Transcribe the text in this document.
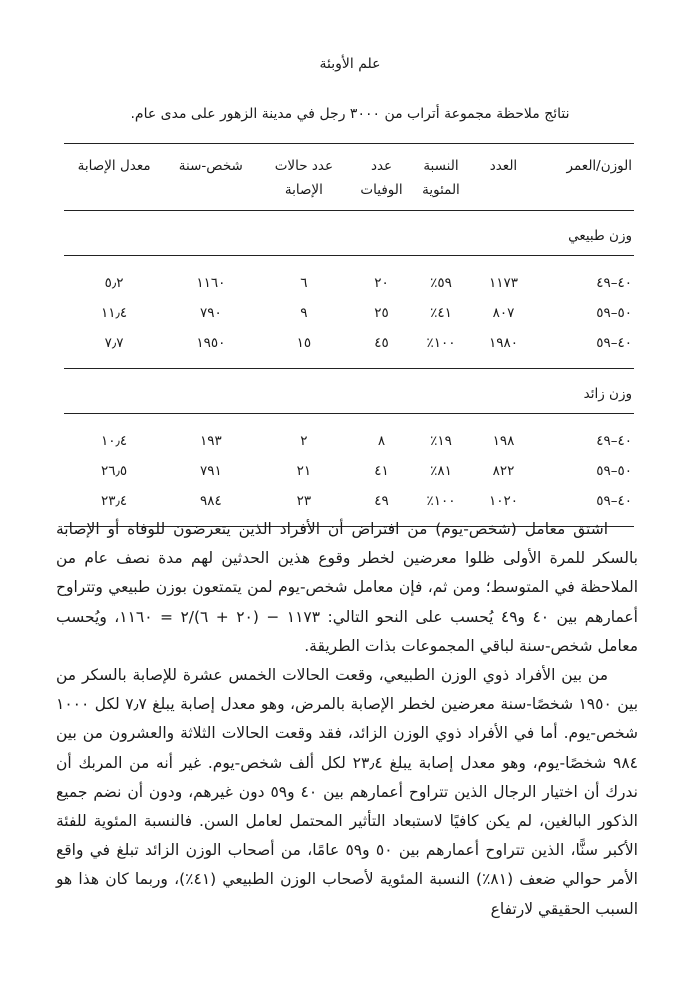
علم الأوبئة
نتائج ملاحظة مجموعة أتراب من ٣٠٠٠ رجل في مدينة الزهور على مدى عام.
الوزن/العمر	العدد	النسبة المئوية	عدد الوفيات	عدد حالات الإصابة	شخص-سنة	معدل الإصابة
وزن طبيعي						

٤٠–٤٩	١١٧٣	٥٩٪	٢٠	٦	١١٦٠	٥٫٢
٥٠–٥٩	٨٠٧	٤١٪	٢٥	٩	٧٩٠	١١٫٤
٤٠–٥٩	١٩٨٠	١٠٠٪	٤٥	١٥	١٩٥٠	٧٫٧

وزن زائد						

٤٠–٤٩	١٩٨	١٩٪	٨	٢	١٩٣	١٠٫٤
٥٠–٥٩	٨٢٢	٨١٪	٤١	٢١	٧٩١	٢٦٫٥
٤٠–٥٩	١٠٢٠	١٠٠٪	٤٩	٢٣	٩٨٤	٢٣٫٤

اشتق معامل (شخص-يوم) من افتراض أن الأفراد الذين يتعرضون للوفاة أو الإصابة بالسكر للمرة الأولى ظلوا معرضين لخطر وقوع هذين الحدثين لهم مدة نصف عام من الملاحظة في المتوسط؛ ومن ثم، فإن معامل شخص-يوم لمن يتمتعون بوزن طبيعي وتتراوح أعمارهم بين ٤٠ و٤٩ يُحسب على النحو التالي: ١١٧٣ − (٢٠ + ٦)/٢ = ١١٦٠، ويُحسب معامل شخص-سنة لباقي المجموعات بذات الطريقة.

من بين الأفراد ذوي الوزن الطبيعي، وقعت الحالات الخمس عشرة للإصابة بالسكر من بين ١٩٥٠ شخصًا-سنة معرضين لخطر الإصابة بالمرض، وهو معدل إصابة يبلغ ٧٫٧ لكل ١٠٠٠ شخص-يوم. أما في الأفراد ذوي الوزن الزائد، فقد وقعت الحالات الثلاثة والعشرون من بين ٩٨٤ شخصًا-يوم، وهو معدل إصابة يبلغ ٢٣٫٤ لكل ألف شخص-يوم. غير أنه من المربك أن ندرك أن اختيار الرجال الذين تتراوح أعمارهم بين ٤٠ و٥٩ دون غيرهم، ودون أن نضم جميع الذكور البالغين، لم يكن كافيًا لاستبعاد التأثير المحتمل لعامل السن. فالنسبة المئوية للفئة الأكبر سنًّا، الذين تتراوح أعمارهم بين ٥٠ و٥٩ عامًا، من أصحاب الوزن الزائد تبلغ في واقع الأمر حوالي ضعف (٨١٪) النسبة المئوية لأصحاب الوزن الطبيعي (٤١٪)، وربما كان هذا هو السبب الحقيقي لارتفاع
